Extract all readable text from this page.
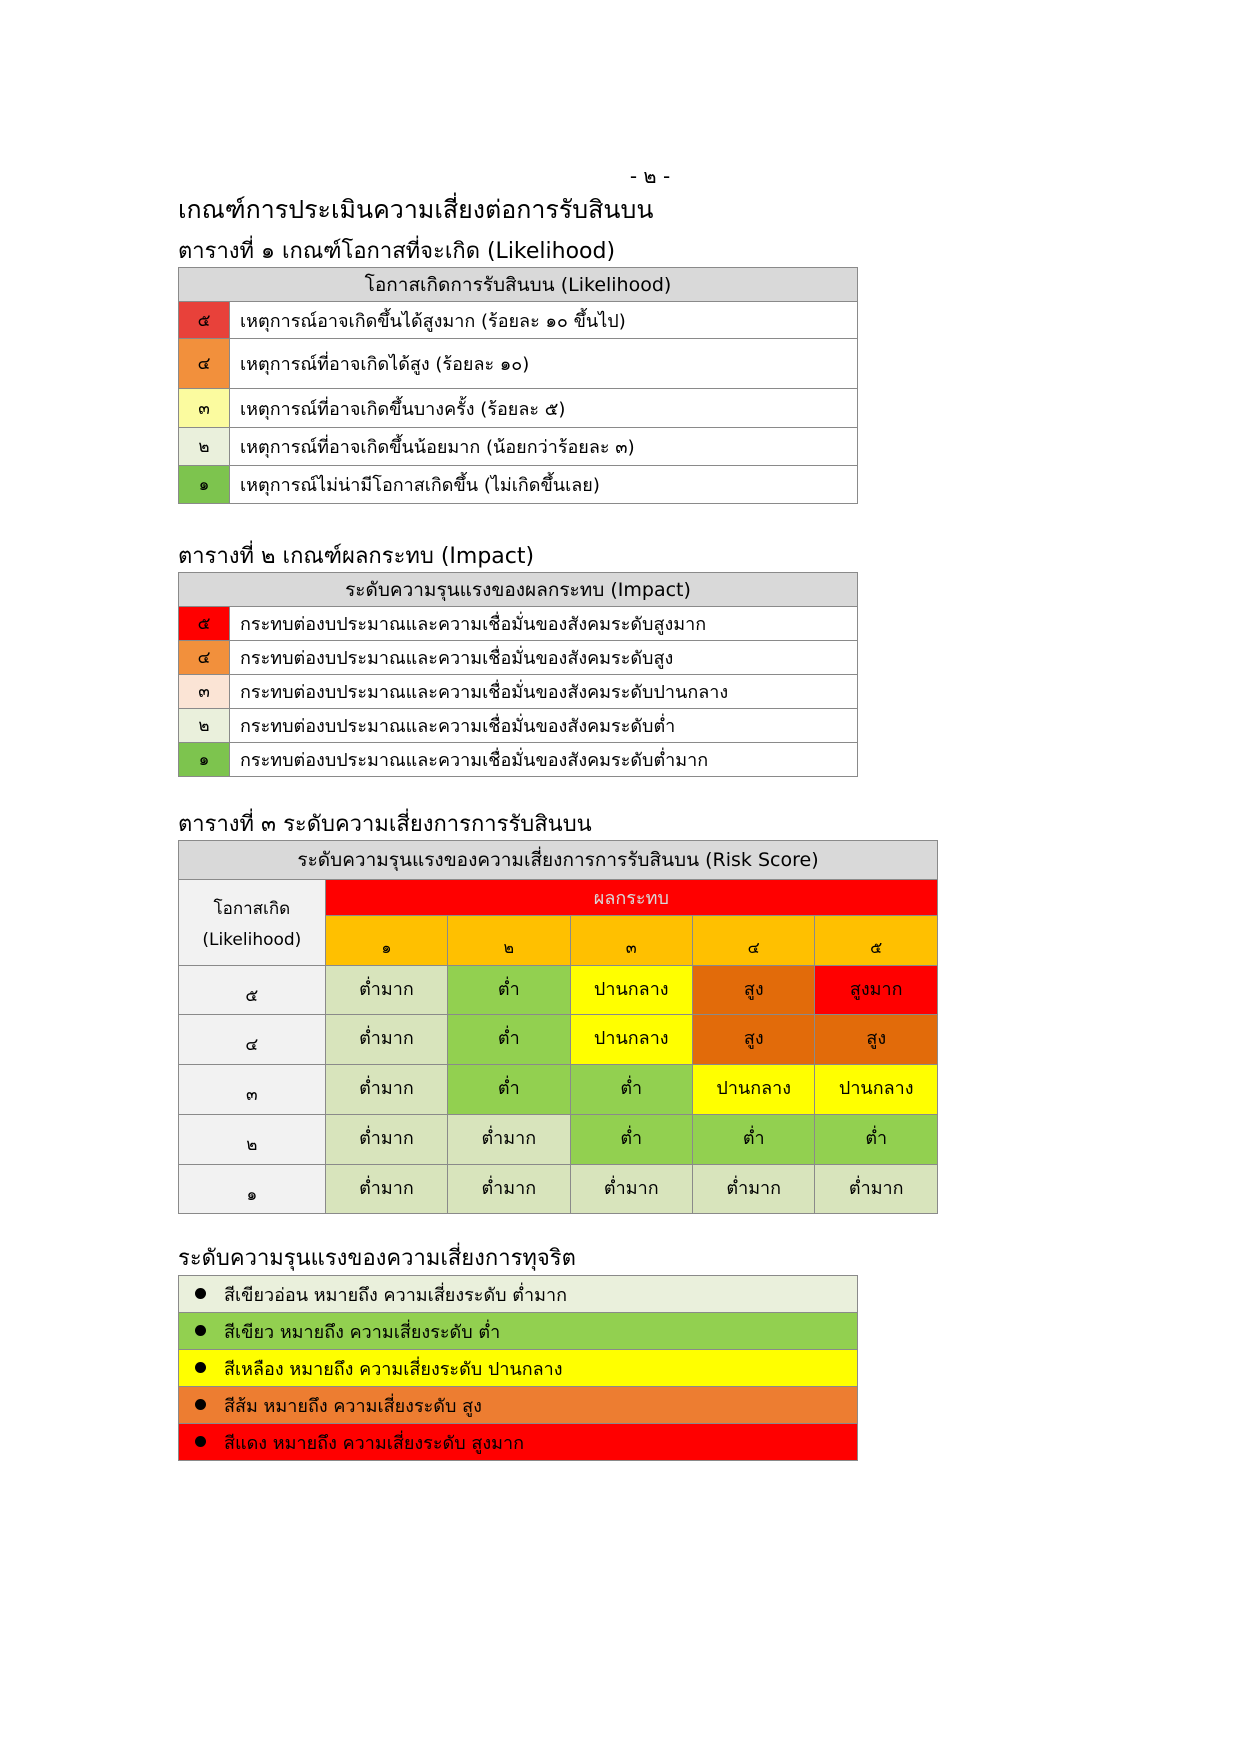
- ๒ -
เกณฑ์การประเมินความเสี่ยงต่อการรับสินบน
ตารางที่ ๑ เกณฑ์โอกาสที่จะเกิด (Likelihood)
โอกาสเกิดการรับสินบน (Likelihood)	
๕	เหตุการณ์อาจเกิดขึ้นได้สูงมาก (ร้อยละ ๑๐ ขึ้นไป)
๔	เหตุการณ์ที่อาจเกิดได้สูง (ร้อยละ ๑๐)
๓	เหตุการณ์ที่อาจเกิดขึ้นบางครั้ง (ร้อยละ ๕)
๒	เหตุการณ์ที่อาจเกิดขึ้นน้อยมาก (น้อยกว่าร้อยละ ๓)
๑	เหตุการณ์ไม่น่ามีโอกาสเกิดขึ้น (ไม่เกิดขึ้นเลย)
ตารางที่ ๒ เกณฑ์ผลกระทบ (Impact)
ระดับความรุนแรงของผลกระทบ (Impact)	
๕	กระทบต่องบประมาณและความเชื่อมั่นของสังคมระดับสูงมาก
๔	กระทบต่องบประมาณและความเชื่อมั่นของสังคมระดับสูง
๓	กระทบต่องบประมาณและความเชื่อมั่นของสังคมระดับปานกลาง
๒	กระทบต่องบประมาณและความเชื่อมั่นของสังคมระดับต่ำ
๑	กระทบต่องบประมาณและความเชื่อมั่นของสังคมระดับต่ำมาก
ตารางที่ ๓ ระดับความเสี่ยงการการรับสินบน
ระดับความรุนแรงของความเสี่ยงการการรับสินบน (Risk Score)					

โอกาสเกิด
(Likelihood)	ผลกระทบ				
	๑	๒	๓	๔	๕
๕	ต่ำมาก	ต่ำ	ปานกลาง	สูง	สูงมาก
๔	ต่ำมาก	ต่ำ	ปานกลาง	สูง	สูง
๓	ต่ำมาก	ต่ำ	ต่ำ	ปานกลาง	ปานกลาง
๒	ต่ำมาก	ต่ำมาก	ต่ำ	ต่ำ	ต่ำ
๑	ต่ำมาก	ต่ำมาก	ต่ำมาก	ต่ำมาก	ต่ำมาก
ระดับความรุนแรงของความเสี่ยงการทุจริต
สีเขียวอ่อน หมายถึง ความเสี่ยงระดับ ต่ำมาก
สีเขียว หมายถึง ความเสี่ยงระดับ ต่ำ
สีเหลือง หมายถึง ความเสี่ยงระดับ ปานกลาง
สีส้ม หมายถึง ความเสี่ยงระดับ สูง
สีแดง หมายถึง ความเสี่ยงระดับ สูงมาก
